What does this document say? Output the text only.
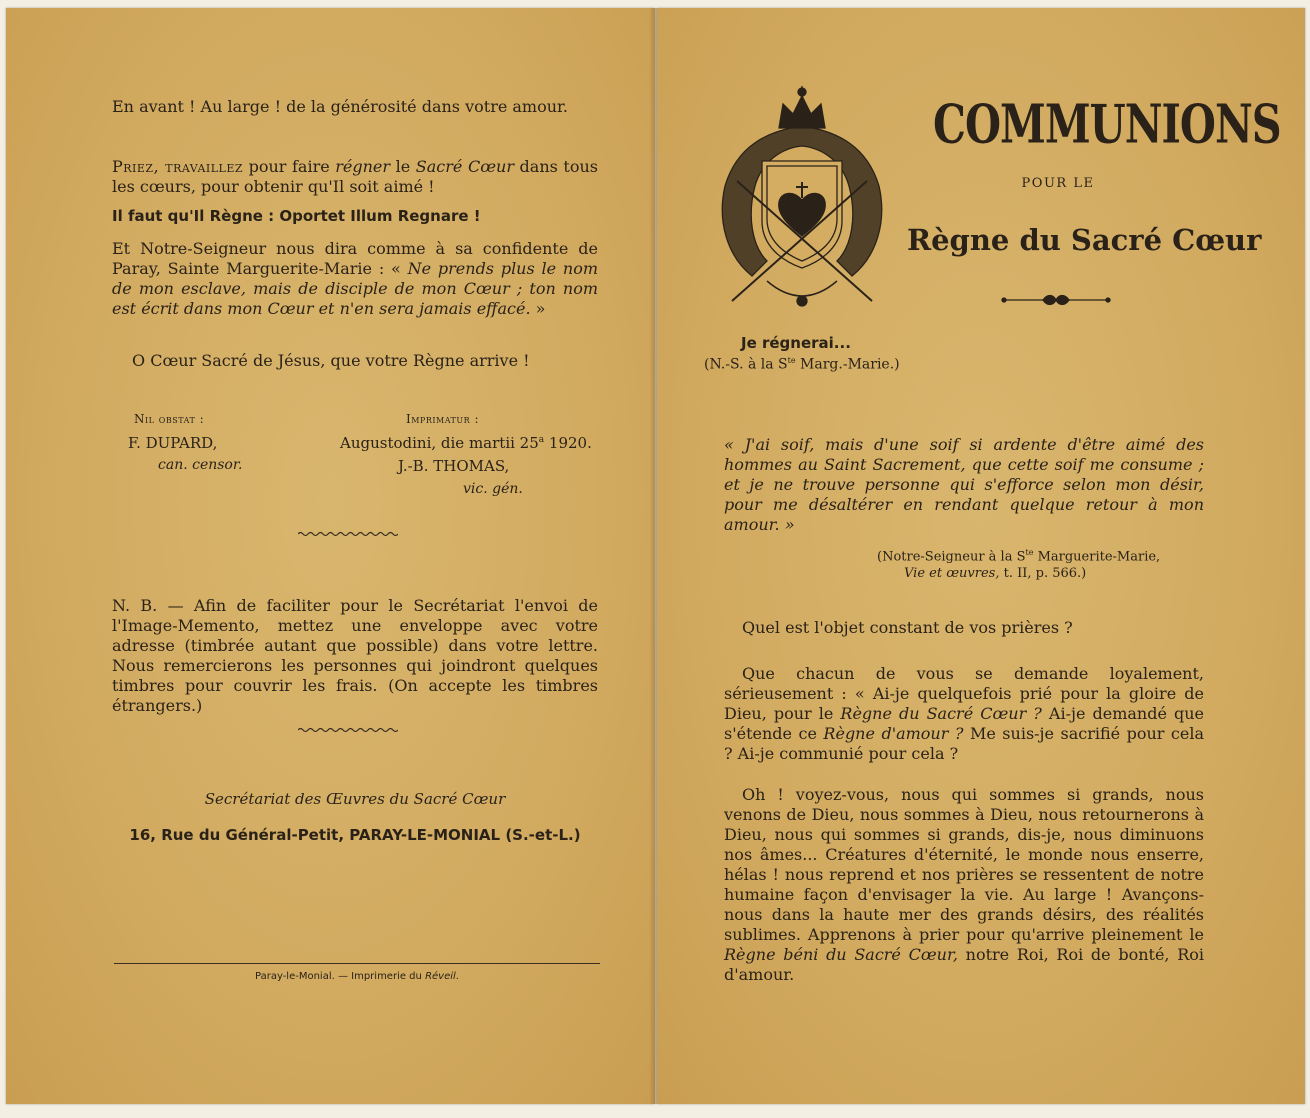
En avant ! Au large ! de la générosité dans votre amour.

Priez, travaillez pour faire régner le Sacré Cœur dans tous les cœurs, pour obtenir qu'Il soit aimé !

Il faut qu'Il Règne : Oportet Illum Regnare !

Et Notre-Seigneur nous dira comme à sa confidente de Paray, Sainte Marguerite-Marie : « Ne prends plus le nom de mon esclave, mais de disciple de mon Cœur ; ton nom est écrit dans mon Cœur et n'en sera jamais effacé. »

O Cœur Sacré de Jésus, que votre Règne arrive !

Nil obstat :
F. DUPARD,
can. censor.
Imprimatur :
Augustodini, die martii 25$^a$ 1920.
J.-B. THOMAS,
vic. gén.

N. B. — Afin de faciliter pour le Secrétariat l'envoi de l'Image-Memento, mettez une enveloppe avec votre adresse (timbrée autant que possible) dans votre lettre. Nous remercierons les personnes qui joindront quelques timbres pour couvrir les frais. (On accepte les timbres étrangers.)

Secrétariat des Œuvres du Sacré Cœur
16, Rue du Général-Petit, PARAY-LE-MONIAL (S.-et-L.)
Paray-le-Monial. — Imprimerie du Réveil.
COMMUNIONS
POUR LE
Règne du Sacré Cœur
Je régnerai...
(N.-S. à la $S^{te}$ Marg.-Marie.)

« J'ai soif, mais d'une soif si ardente d'être aimé des hommes au Saint Sacrement, que cette soif me consume ; et je ne trouve personne qui s'efforce selon mon désir, pour me désaltérer en rendant quelque retour à mon amour. »

(Notre-Seigneur à la $S^{te}$ Marguerite-Marie,
Vie et œuvres, t. II, p. 566.)

Quel est l'objet constant de vos prières ?

Que chacun de vous se demande loyalement, sérieusement : « Ai-je quelquefois prié pour la gloire de Dieu, pour le Règne du Sacré Cœur ? Ai-je demandé que s'étende ce Règne d'amour ? Me suis-je sacrifié pour cela ? Ai-je communié pour cela ?

Oh ! voyez-vous, nous qui sommes si grands, nous venons de Dieu, nous sommes à Dieu, nous retournerons à Dieu, nous qui sommes si grands, dis-je, nous diminuons nos âmes... Créatures d'éternité, le monde nous enserre, hélas ! nous reprend et nos prières se ressentent de notre humaine façon d'envisager la vie. Au large ! Avançons-nous dans la haute mer des grands désirs, des réalités sublimes. Apprenons à prier pour qu'arrive pleinement le Règne béni du Sacré Cœur, notre Roi, Roi de bonté, Roi d'amour.
